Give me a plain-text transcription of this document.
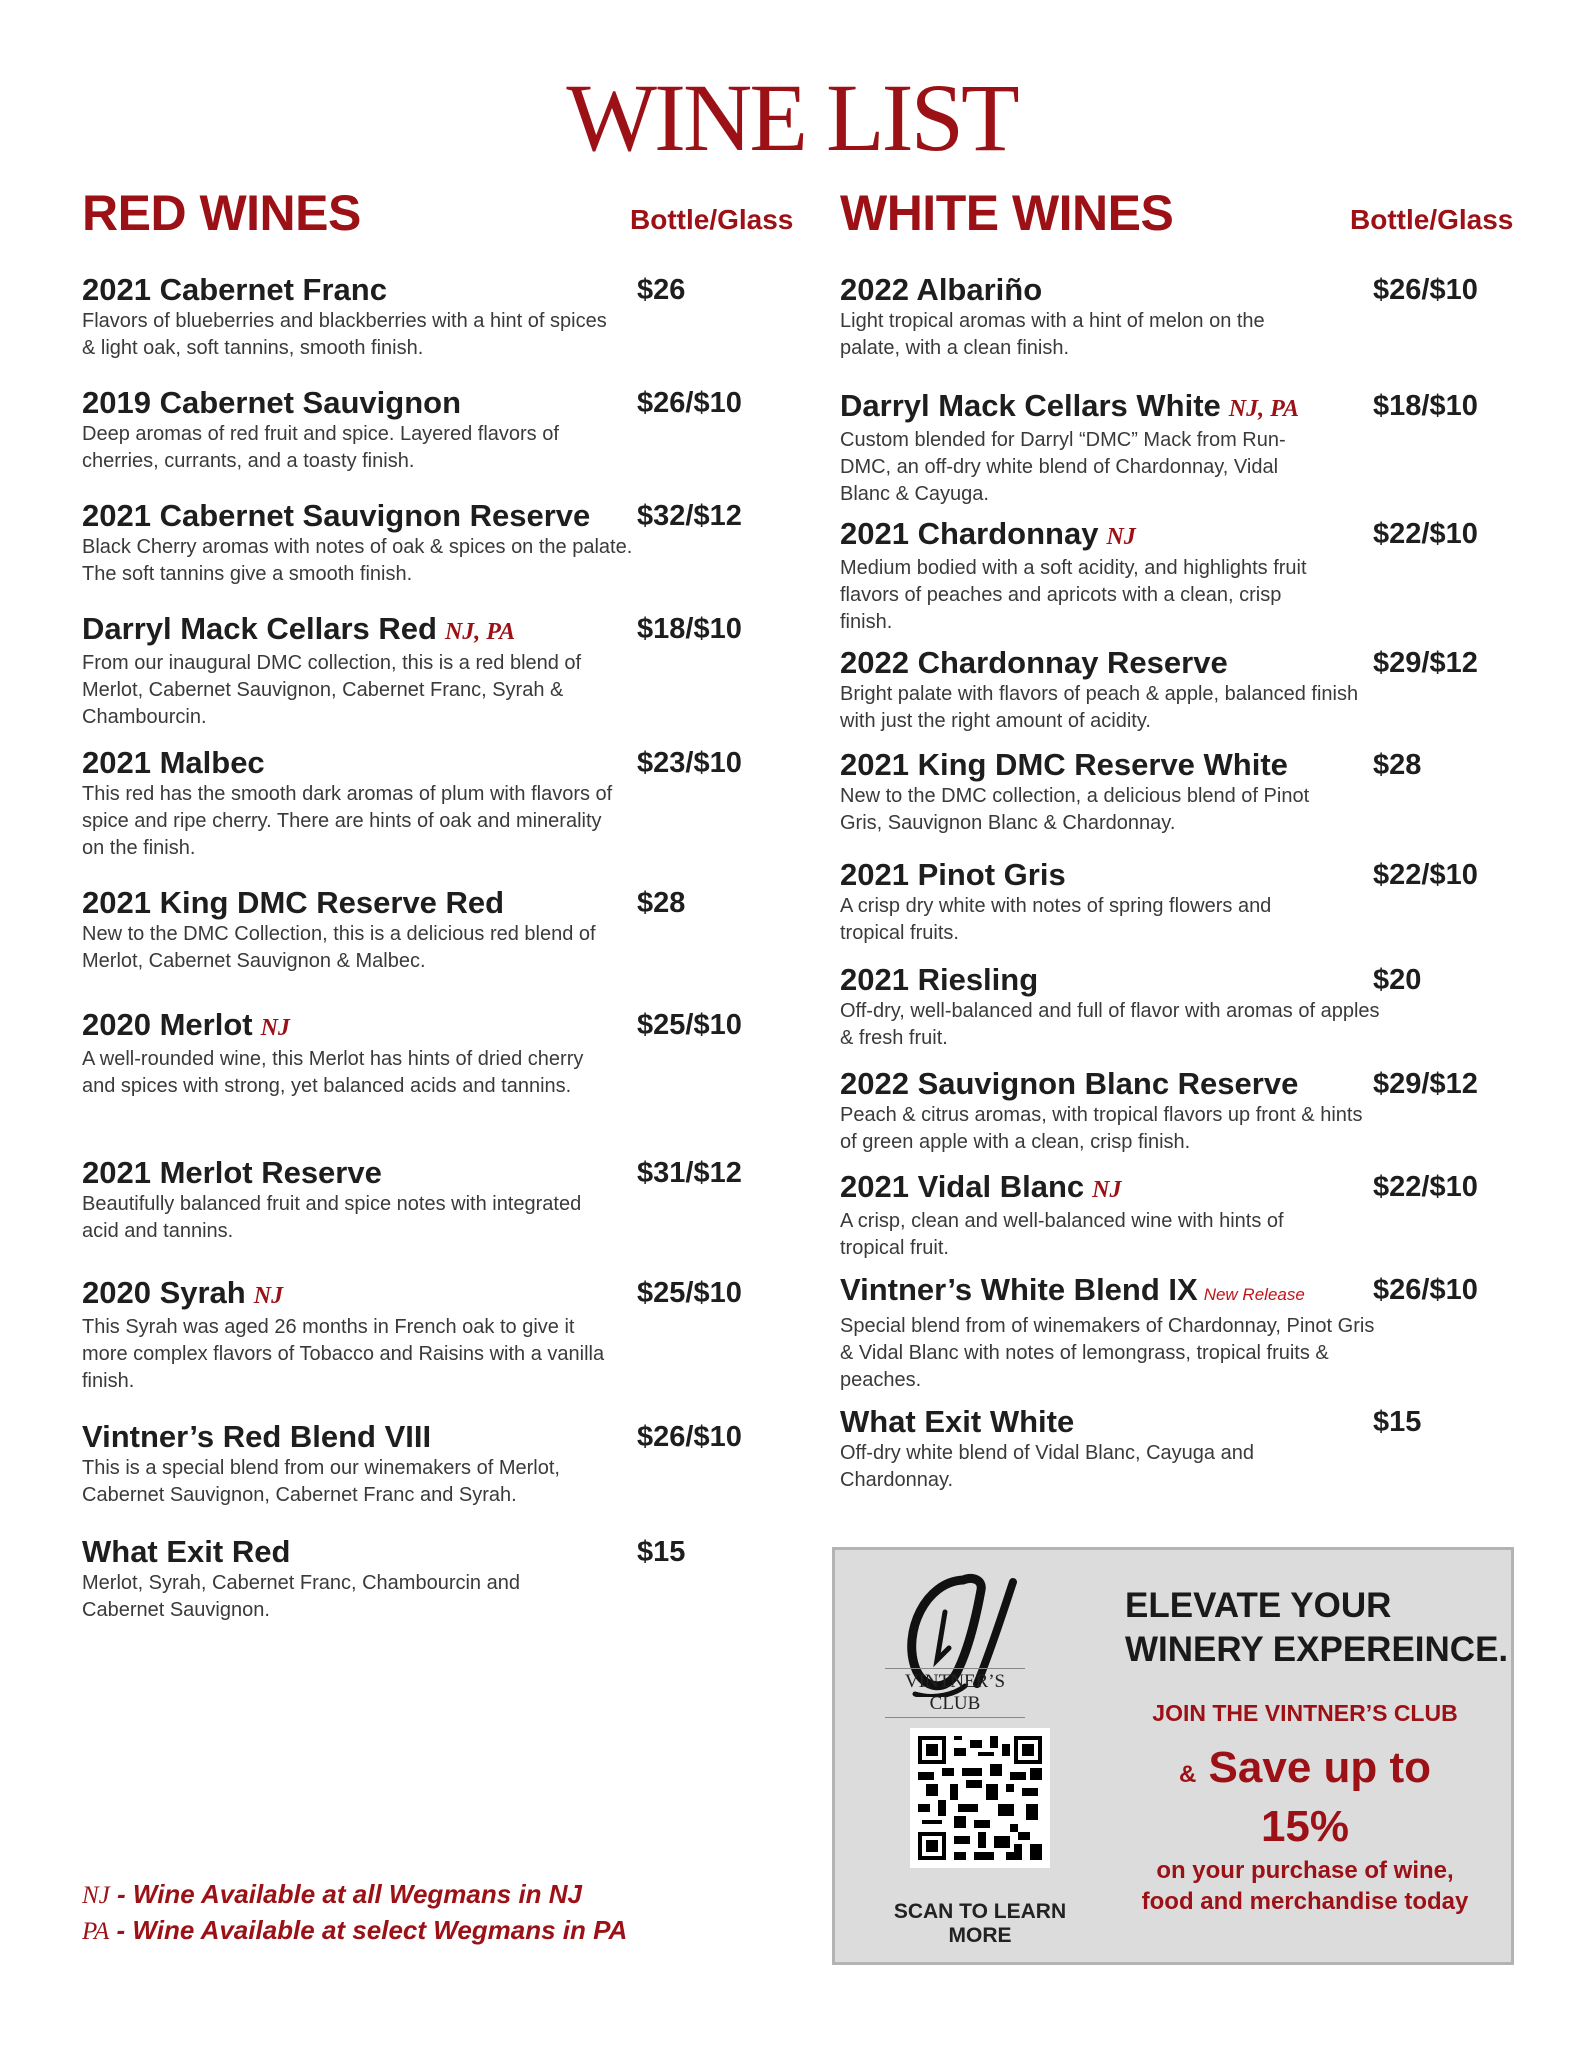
WINE LIST
RED WINES	Bottle/Glass
2021 Cabernet Franc
Flavors of blueberries and blackberries with a hint of spices & light oak, soft tannins, smooth finish.
$26
2019 Cabernet Sauvignon
Deep aromas of red fruit and spice. Layered flavors of cherries, currants, and a toasty finish.
$26/$10
2021 Cabernet Sauvignon Reserve
Black Cherry aromas with notes of oak & spices on the palate. The soft tannins give a smooth finish.
$32/$12
Darryl Mack Cellars Red NJ, PA
From our inaugural DMC collection, this is a red blend of Merlot, Cabernet Sauvignon, Cabernet Franc, Syrah & Chambourcin.
$18/$10
2021 Malbec
This red has the smooth dark aromas of plum with flavors of spice and ripe cherry. There are hints of oak and minerality on the finish.
$23/$10
2021 King DMC Reserve Red
New to the DMC Collection, this is a delicious red blend of Merlot, Cabernet Sauvignon & Malbec.
$28
2020 Merlot NJ
A well-rounded wine, this Merlot has hints of dried cherry and spices with strong, yet balanced acids and tannins.
$25/$10
2021 Merlot Reserve
Beautifully balanced fruit and spice notes with integrated acid and tannins.
$31/$12
2020 Syrah NJ
This Syrah was aged 26 months in French oak to give it more complex flavors of Tobacco and Raisins with a vanilla finish.
$25/$10
Vintner’s Red Blend VIII
This is a special blend from our winemakers of Merlot, Cabernet Sauvignon, Cabernet Franc and Syrah.
$26/$10
What Exit Red
Merlot, Syrah, Cabernet Franc, Chambourcin and Cabernet Sauvignon.
$15
WHITE WINES	Bottle/Glass
2022 Albariño
Light tropical aromas with a hint of melon on the palate, with a clean finish.
$26/$10
Darryl Mack Cellars White NJ, PA
Custom blended for Darryl “DMC” Mack from Run-DMC, an off-dry white blend of Chardonnay, Vidal Blanc & Cayuga.
$18/$10
2021 Chardonnay NJ
Medium bodied with a soft acidity, and highlights fruit flavors of peaches and apricots with a clean, crisp finish.
$22/$10
2022 Chardonnay Reserve
Bright palate with flavors of peach & apple, balanced finish with just the right amount of acidity.
$29/$12
2021 King DMC Reserve White
New to the DMC collection, a delicious blend of Pinot Gris, Sauvignon Blanc & Chardonnay.
$28
2021 Pinot Gris
A crisp dry white with notes of spring flowers and tropical fruits.
$22/$10
2021 Riesling
Off-dry, well-balanced and full of flavor with aromas of apples & fresh fruit.
$20
2022 Sauvignon Blanc Reserve
Peach & citrus aromas, with tropical flavors up front & hints of green apple with a clean, crisp finish.
$29/$12
2021 Vidal Blanc NJ
A crisp, clean and well-balanced wine with hints of tropical fruit.
$22/$10
Vintner’s White Blend IX New Release
Special blend from of winemakers of Chardonnay, Pinot Gris & Vidal Blanc with notes of lemongrass, tropical fruits & peaches.
$26/$10
What Exit White
Off-dry white blend of Vidal Blanc, Cayuga and Chardonnay.
$15
NJ - Wine Available at all Wegmans in NJ
PA - Wine Available at select Wegmans in PA
VINTNER’S CLUB
SCAN TO LEARN MORE
ELEVATE YOUR
WINERY EXPEREINCE.
JOIN THE VINTNER’S CLUB
& Save up to
15%
on your purchase of wine,
food and merchandise today
